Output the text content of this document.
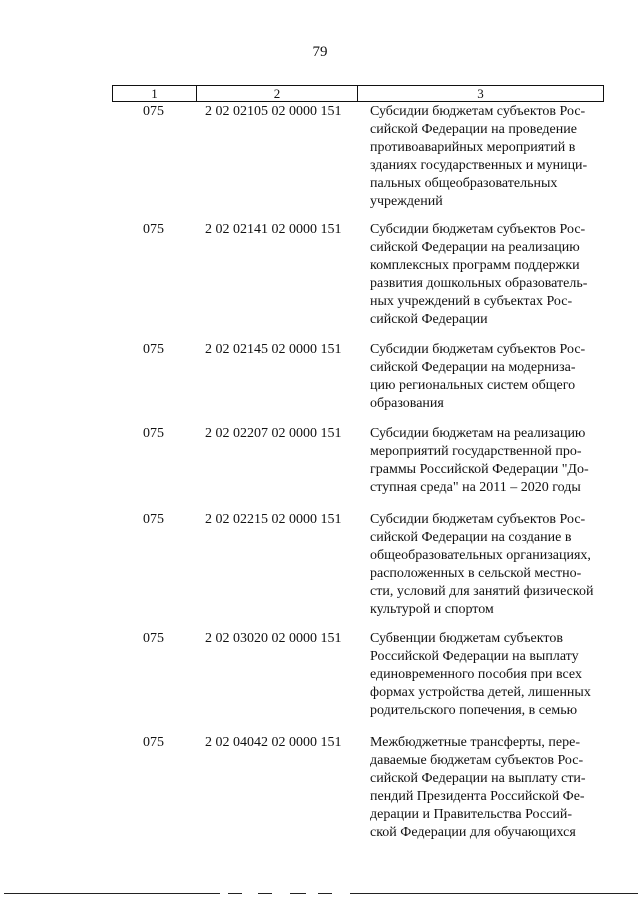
79
1	2	3
075	2 02 02105 02 0000 151	Субсидии бюджетам субъектов Рос-
сийской Федерации на проведение
противоаварийных мероприятий в
зданиях государственных и муници-
пальных общеобразовательных
учреждений
075	2 02 02141 02 0000 151	Субсидии бюджетам субъектов Рос-
сийской Федерации на реализацию
комплексных программ поддержки
развития дошкольных образователь-
ных учреждений в субъектах Рос-
сийской Федерации
075	2 02 02145 02 0000 151	Субсидии бюджетам субъектов Рос-
сийской Федерации на модерниза-
цию региональных систем общего
образования
075	2 02 02207 02 0000 151	Субсидии бюджетам на реализацию
мероприятий государственной про-
граммы Российской Федерации "До-
ступная среда" на 2011 – 2020 годы
075	2 02 02215 02 0000 151	Субсидии бюджетам субъектов Рос-
сийской Федерации на создание в
общеобразовательных организациях,
расположенных в сельской местно-
сти, условий для занятий физической
культурой и спортом
075	2 02 03020 02 0000 151	Субвенции бюджетам субъектов
Российской Федерации на выплату
единовременного пособия при всех
формах устройства детей, лишенных
родительского попечения, в семью
075	2 02 04042 02 0000 151	Межбюджетные трансферты, пере-
даваемые бюджетам субъектов Рос-
сийской Федерации на выплату сти-
пендий Президента Российской Фе-
дерации и Правительства Россий-
ской Федерации для обучающихся
